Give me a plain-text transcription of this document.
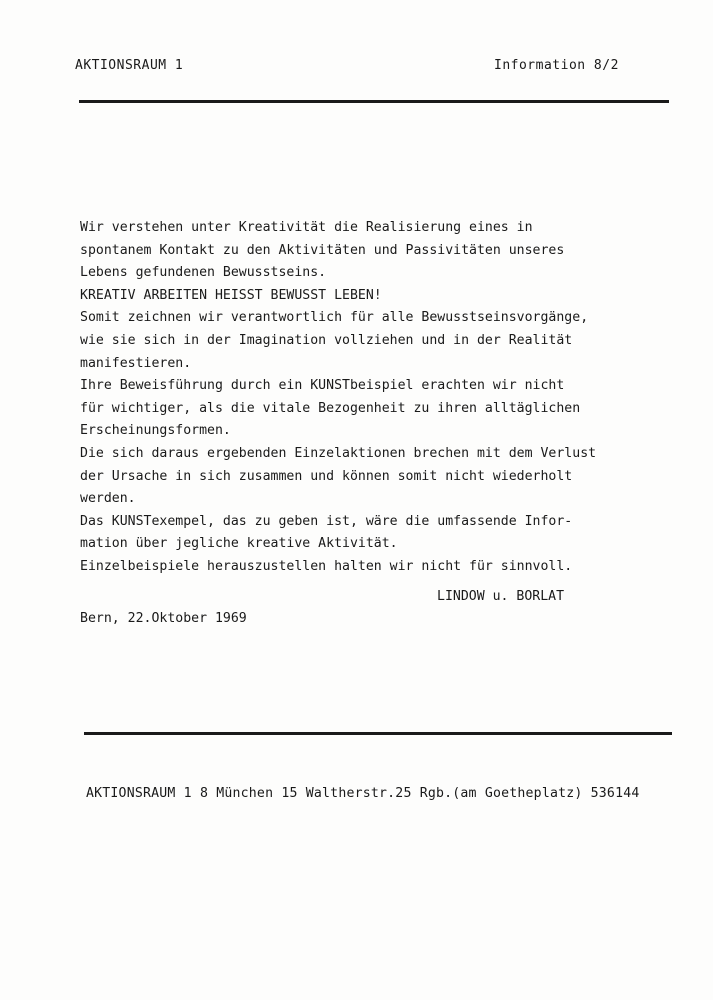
AKTIONSRAUM 1	Information 8/2
Wir verstehen unter Kreativität die Realisierung eines in
spontanem Kontakt zu den Aktivitäten und Passivitäten unseres
Lebens gefundenen Bewusstseins.
KREATIV ARBEITEN HEISST BEWUSST LEBEN!
Somit zeichnen wir verantwortlich für alle Bewusstseinsvorgänge,
wie sie sich in der Imagination vollziehen und in der Realität
manifestieren.
Ihre Beweisführung durch ein KUNSTbeispiel erachten wir nicht
für wichtiger, als die vitale Bezogenheit zu ihren alltäglichen
Erscheinungsformen.
Die sich daraus ergebenden Einzelaktionen brechen mit dem Verlust
der Ursache in sich zusammen und können somit nicht wiederholt
werden.
Das KUNSTexempel, das zu geben ist, wäre die umfassende Infor-
mation über jegliche kreative Aktivität.
Einzelbeispiele herauszustellen halten wir nicht für sinnvoll.
LINDOW u. BORLAT
Bern, 22.Oktober 1969
AKTIONSRAUM 1 8 München 15 Waltherstr.25 Rgb.(am Goetheplatz) 536144
